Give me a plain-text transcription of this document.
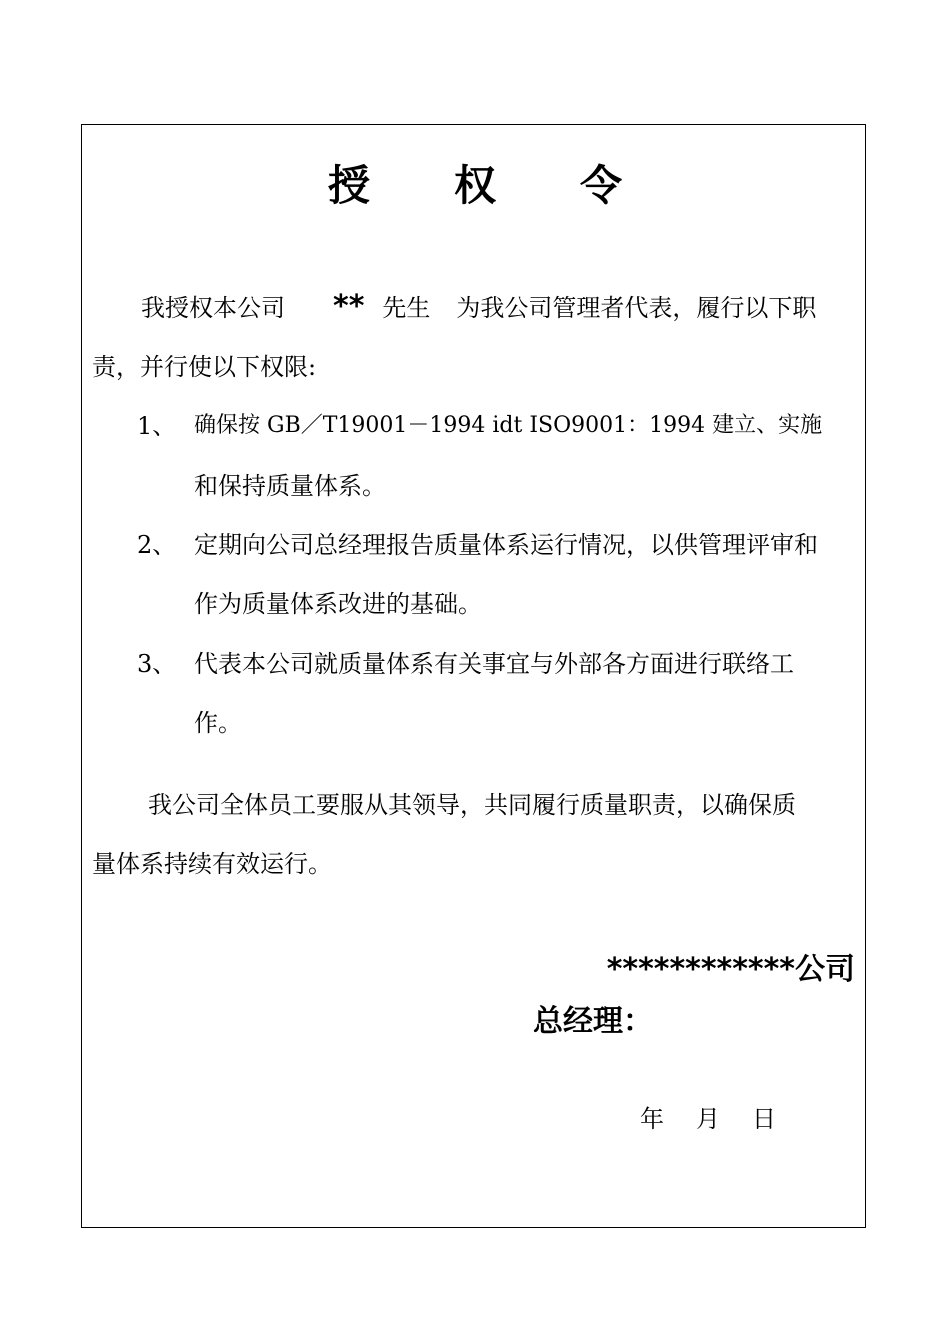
授 权 令
我授权本公司 ** 先生 为我公司管理者代表，履行以下职
责，并行使以下权限:
1、 确保按 GB／T19001－1994 idt ISO9001：1994 建立、实施
和保持质量体系。
2、 定期向公司总经理报告质量体系运行情况，以供管理评审和
作为质量体系改进的基础。
3、 代表本公司就质量体系有关事宜与外部各方面进行联络工
作。
我公司全体员工要服从其领导，共同履行质量职责，以确保质
量体系持续有效运行。
************公司
总经理：
年 月 日
